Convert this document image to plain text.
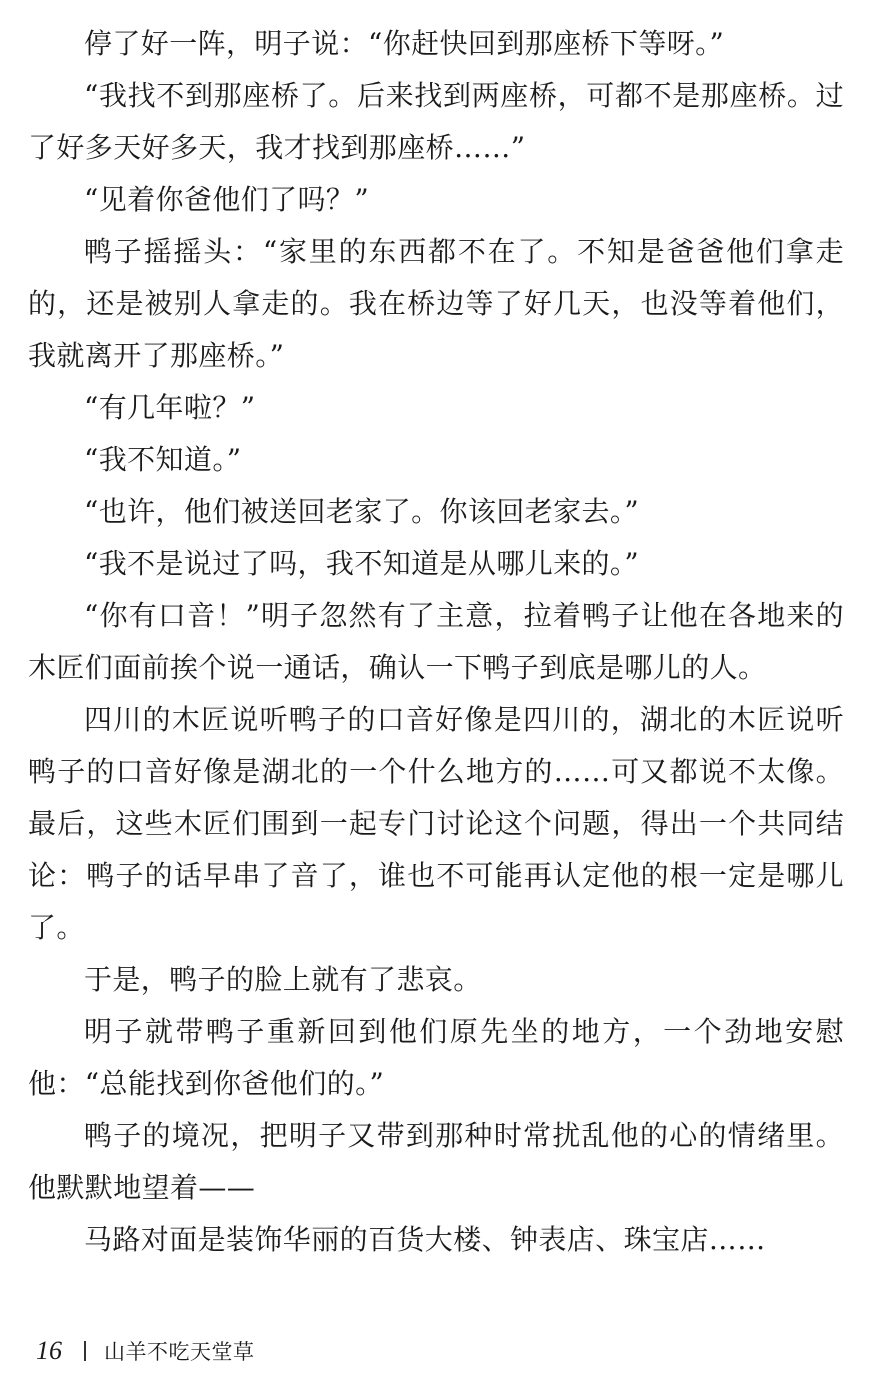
停了好一阵，明子说：“你赶快回到那座桥下等呀。”

“我找不到那座桥了。后来找到两座桥，可都不是那座桥。过了好多天好多天，我才找到那座桥……”

“见着你爸他们了吗？”

鸭子摇摇头：“家里的东西都不在了。不知是爸爸他们拿走的，还是被别人拿走的。我在桥边等了好几天，也没等着他们，我就离开了那座桥。”

“有几年啦？”

“我不知道。”

“也许，他们被送回老家了。你该回老家去。”

“我不是说过了吗，我不知道是从哪儿来的。”

“你有口音！”明子忽然有了主意，拉着鸭子让他在各地来的木匠们面前挨个说一通话，确认一下鸭子到底是哪儿的人。

四川的木匠说听鸭子的口音好像是四川的，湖北的木匠说听鸭子的口音好像是湖北的一个什么地方的……可又都说不太像。最后，这些木匠们围到一起专门讨论这个问题，得出一个共同结论：鸭子的话早串了音了，谁也不可能再认定他的根一定是哪儿了。

于是，鸭子的脸上就有了悲哀。

明子就带鸭子重新回到他们原先坐的地方，一个劲地安慰他：“总能找到你爸他们的。”

鸭子的境况，把明子又带到那种时常扰乱他的心的情绪里。他默默地望着——

马路对面是装饰华丽的百货大楼、钟表店、珠宝店……

16 山羊不吃天堂草
